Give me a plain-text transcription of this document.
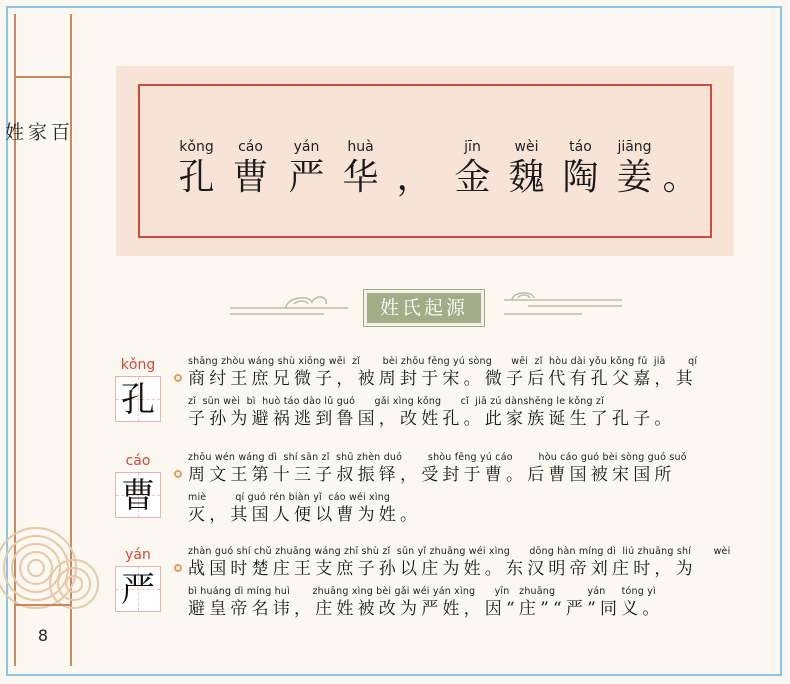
百
家
姓
8
kǒng
孔
cáo
曹
yán
严
huà
华 ，
jīn
金
wèi
魏
táo
陶
jiāng
姜 。
姓氏起源
kǒng
孔
shāng zhòu wáng shù xiōng wēi  zǐ       bèi zhōu fēng yú sòng      wēi  zǐ  hòu dài yǒu kǒng fǔ  jiā       qí
商纣王庶兄微子，被周封于宋。微子后代有孔父嘉，其
zǐ  sūn wèi  bì  huò táo dào lǔ guó      gǎi xìng kǒng      cǐ  jiā zú dànshēng le kǒng zǐ
子孙为避祸逃到鲁国，改姓孔。此家族诞生了孔子。
cáo
曹
zhōu wén wáng dì  shí sān zǐ  shū zhèn duó        shòu fēng yú cáo        hòu cáo guó bèi sòng guó suǒ
周文王第十三子叔振铎，受封于曹。后曹国被宋国所
miè         qí guó rén biàn yǐ  cáo wéi xìng
灭，其国人便以曹为姓。
yán
严
zhàn guó shí chǔ zhuāng wáng zhī shù zǐ  sūn yǐ zhuāng wéi xìng      dōng hàn míng dì  liú zhuāng shí       wèi
战国时楚庄王支庶子孙以庄为姓。东汉明帝刘庄时，为
bì huáng dì míng huì       zhuāng xìng bèi gǎi wéi yán xìng      yīn   zhuāng          yán     tóng yì
避皇帝名讳，庄姓被改为严姓，因“庄”“严”同义。
